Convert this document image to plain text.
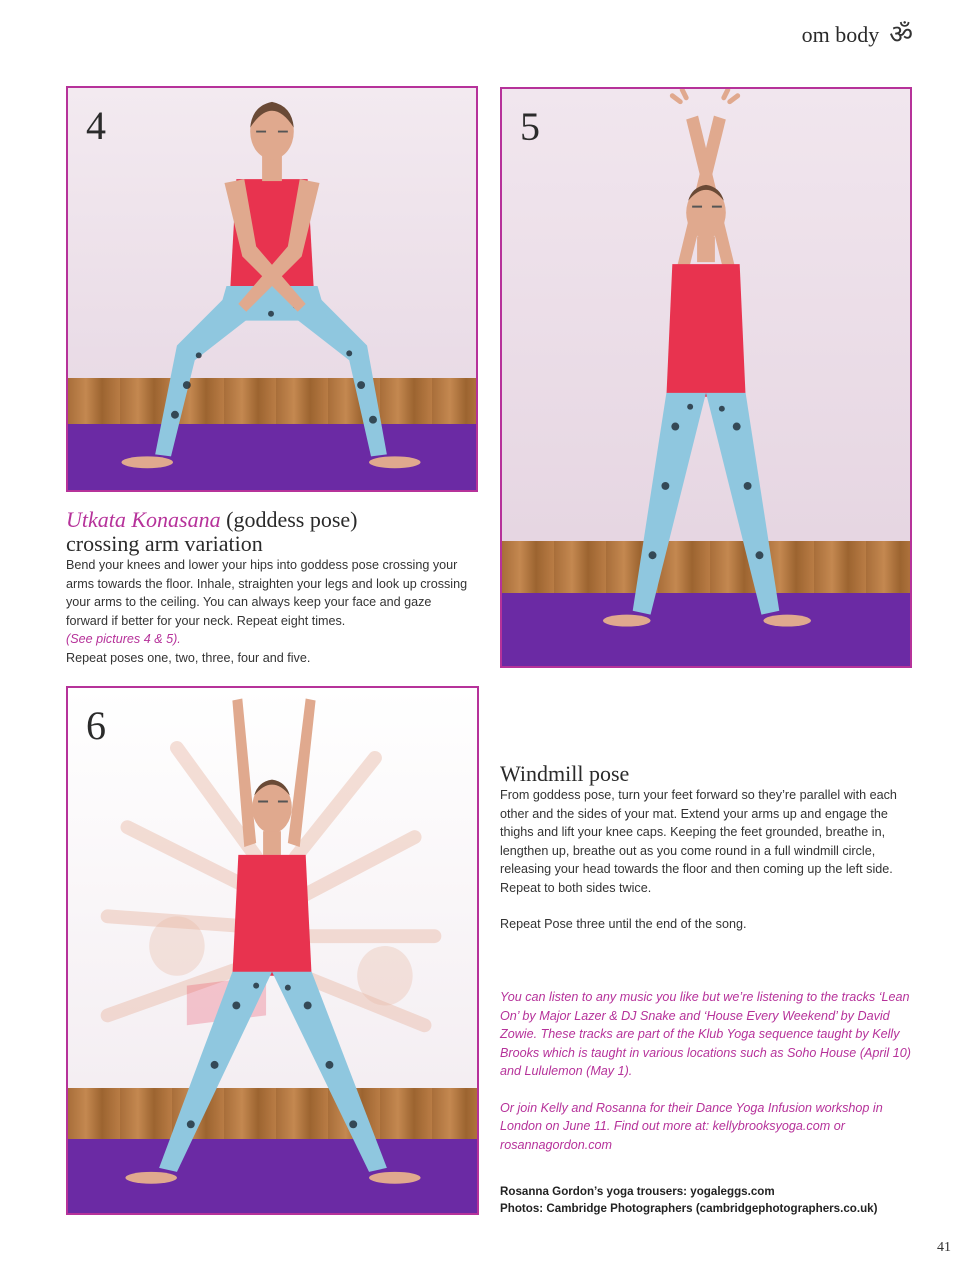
om body ॐ
4	5

Utkata Konasana (goddess pose)
crossing arm variation

Bend your knees and lower your hips into goddess pose crossing your arms towards the floor. Inhale, straighten your legs and look up crossing your arms to the ceiling. You can always keep your face and gaze forward if better for your neck. Repeat eight times.

(See pictures 4 & 5).

Repeat poses one, two, three, four and five.

6

Windmill pose

From goddess pose, turn your feet forward so they’re parallel with each other and the sides of your mat. Extend your arms up and engage the thighs and lift your knee caps. Keeping the feet grounded, breathe in, lengthen up, breathe out as you come round in a full windmill circle, releasing your head towards the floor and then coming up the left side. Repeat to both sides twice.

Repeat Pose three until the end of the song.

You can listen to any music you like but we’re listening to the tracks ‘Lean On’ by Major Lazer & DJ Snake and ‘House Every Weekend’ by David Zowie. These tracks are part of the Klub Yoga sequence taught by Kelly Brooks which is taught in various locations such as Soho House (April 10) and Lululemon (May 1).

Or join Kelly and Rosanna for their Dance Yoga Infusion workshop in London on June 11. Find out more at: kellybrooksyoga.com or rosannagordon.com

Rosanna Gordon’s yoga trousers: yogaleggs.com
Photos: Cambridge Photographers (cambridgephotographers.co.uk)
41
